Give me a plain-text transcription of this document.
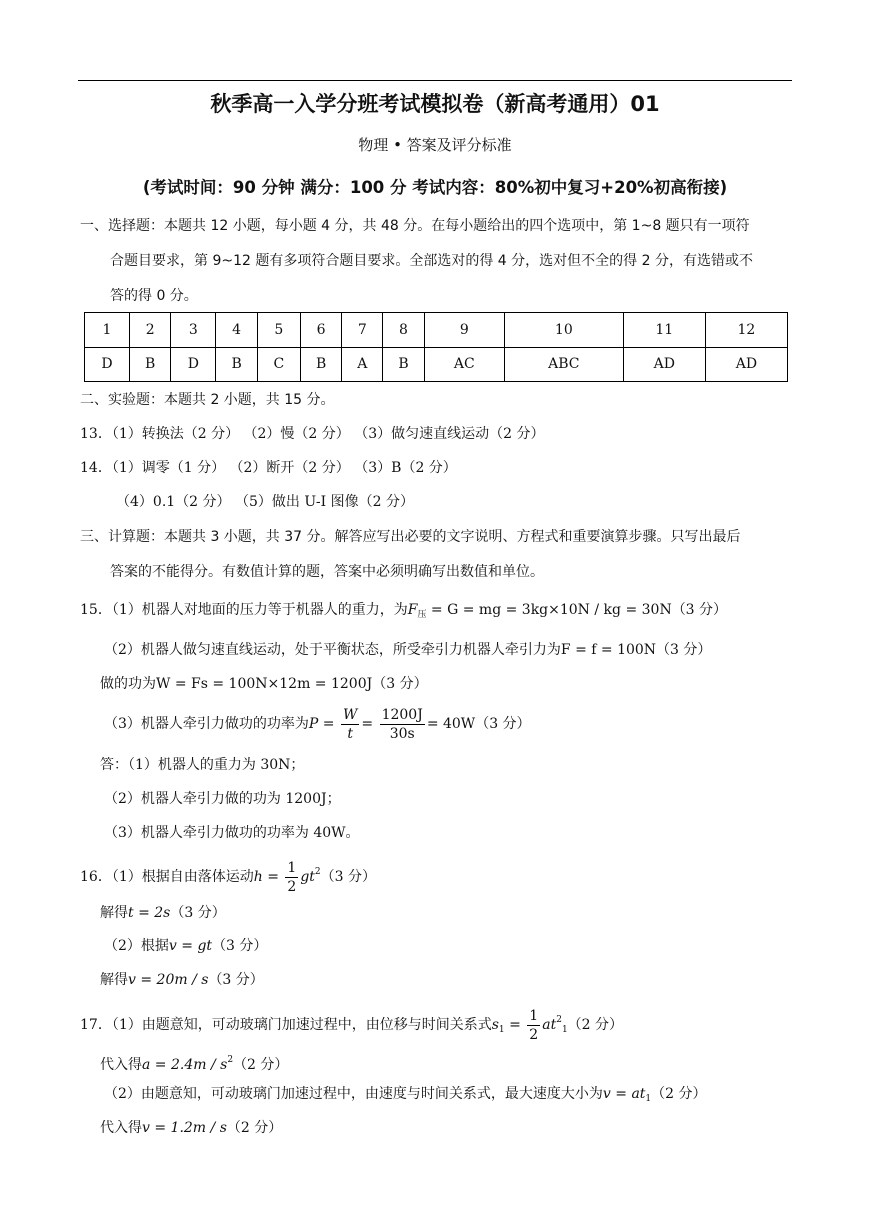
秋季高一入学分班考试模拟卷（新高考通用）01
物理 • 答案及评分标准
(考试时间：90 分钟 满分：100 分 考试内容：80%初中复习+20%初高衔接)
一、选择题：本题共 12 小题，每小题 4 分，共 48 分。在每小题给出的四个选项中，第 1~8 题只有一项符
合题目要求，第 9~12 题有多项符合题目要求。全部选对的得 4 分，选对但不全的得 2 分，有选错或不
答的得 0 分。
1	2	3	4	5	6	7	8	9	10	11	12
D	B	D	B	C	B	A	B	AC	ABC	AD	AD
二、实验题：本题共 2 小题，共 15 分。
13．（1）转换法（2 分） （2）慢（2 分） （3）做匀速直线运动（2 分）
14．（1）调零（1 分） （2）断开（2 分） （3）B（2 分）
（4）0.1（2 分） （5）做出 U-I 图像（2 分）
三、计算题：本题共 3 小题，共 37 分。解答应写出必要的文字说明、方程式和重要演算步骤。只写出最后
答案的不能得分。有数值计算的题，答案中必须明确写出数值和单位。
15．（1）机器人对地面的压力等于机器人的重力，为$F_压 = G$ = mg = 3kg×10N / kg = 30N（3 分）
（2）机器人做匀速直线运动，处于平衡状态，所受牵引力机器人牵引力为F = f = 100N（3 分）
做的功为W = Fs = 100N×12m = 1200J（3 分）
（3）机器人牵引力做功的功率为$P = \frac{W}{t} = \frac{1200J}{30s} = 40W(3$ 分）
答：（1）机器人的重力为 30N；
（2）机器人牵引力做的功为 1200J；
（3）机器人牵引力做功的功率为 40W。
16．（1）根据自由落体运动$h = \frac{1}{2} gt^2(3$ 分）
解得t = 2s（3 分）
（2）根据v = gt（3 分）
解得v = 20m / s（3 分）
17．（1）由题意知，可动玻璃门加速过程中，由位移与时间关系式$s_1 = \frac{1}{2} at^2_1(2$ 分）
代入得$a = 2.4m / s^2(2$ 分）
（2）由题意知，可动玻璃门加速过程中，由速度与时间关系式，最大速度大小为$v = at_1(2$ 分）
代入得v = 1.2m / s（2 分）
